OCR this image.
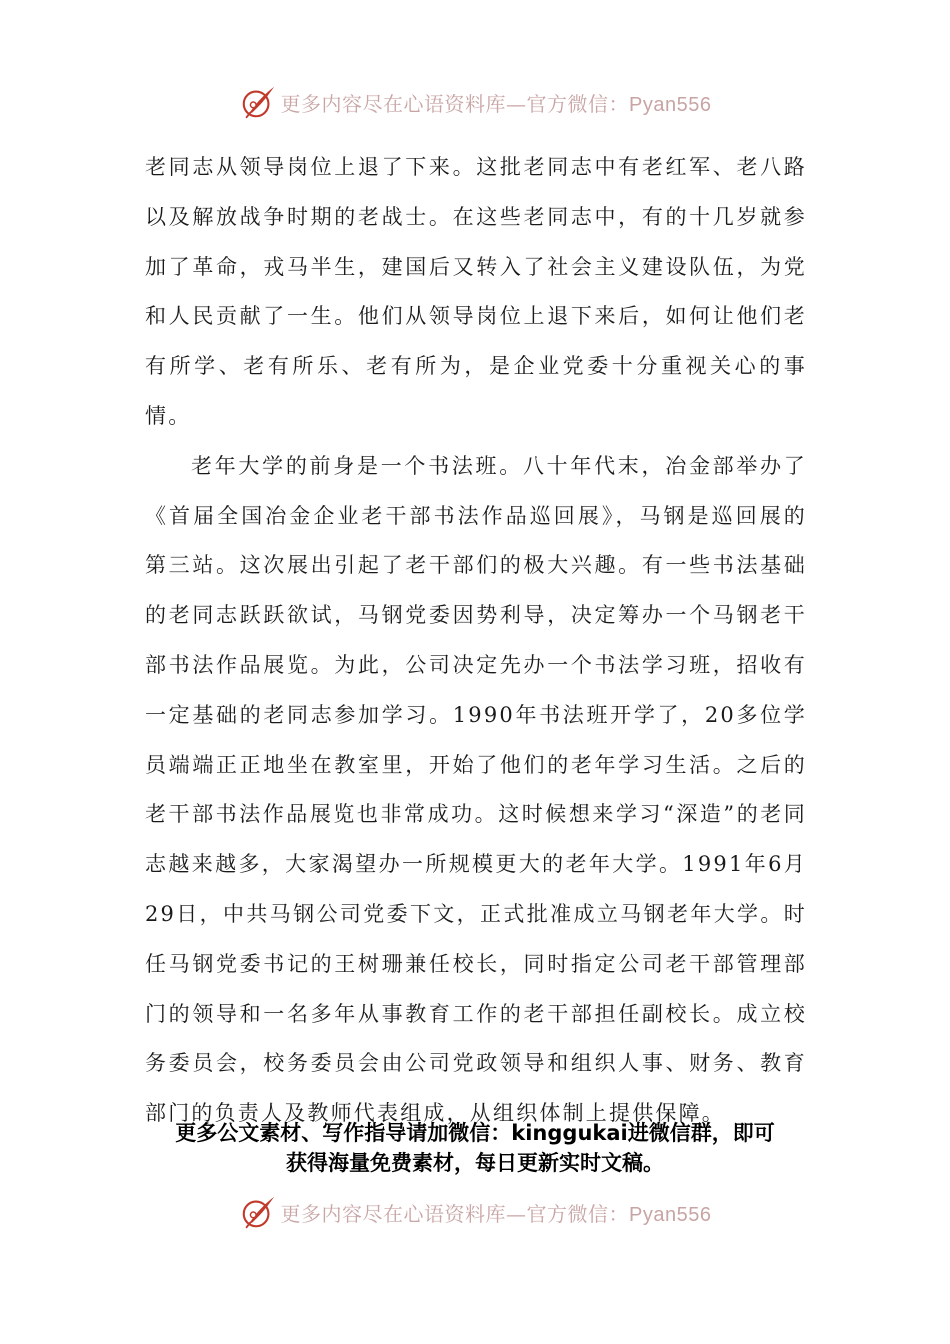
更多内容尽在心语资料库—官方微信：Pyan556

老同志从领导岗位上退了下来。这批老同志中有老红军、老八路以及解放战争时期的老战士。在这些老同志中，有的十几岁就参加了革命，戎马半生，建国后又转入了社会主义建设队伍，为党和人民贡献了一生。他们从领导岗位上退下来后，如何让他们老有所学、老有所乐、老有所为，是企业党委十分重视关心的事情。

老年大学的前身是一个书法班。八十年代末，冶金部举办了《首届全国冶金企业老干部书法作品巡回展》，马钢是巡回展的第三站。这次展出引起了老干部们的极大兴趣。有一些书法基础的老同志跃跃欲试，马钢党委因势利导，决定筹办一个马钢老干部书法作品展览。为此，公司决定先办一个书法学习班，招收有一定基础的老同志参加学习。1990年书法班开学了，20多位学员端端正正地坐在教室里，开始了他们的老年学习生活。之后的老干部书法作品展览也非常成功。这时候想来学习“深造”的老同志越来越多，大家渴望办一所规模更大的老年大学。1991年6月29日，中共马钢公司党委下文，正式批准成立马钢老年大学。时任马钢党委书记的王树珊兼任校长，同时指定公司老干部管理部门的领导和一名多年从事教育工作的老干部担任副校长。成立校务委员会，校务委员会由公司党政领导和组织人事、财务、教育部门的负责人及教师代表组成，从组织体制上提供保障。

更多公文素材、写作指导请加微信：kinggukai进微信群，即可
获得海量免费素材，每日更新实时文稿。
更多内容尽在心语资料库—官方微信：Pyan556
